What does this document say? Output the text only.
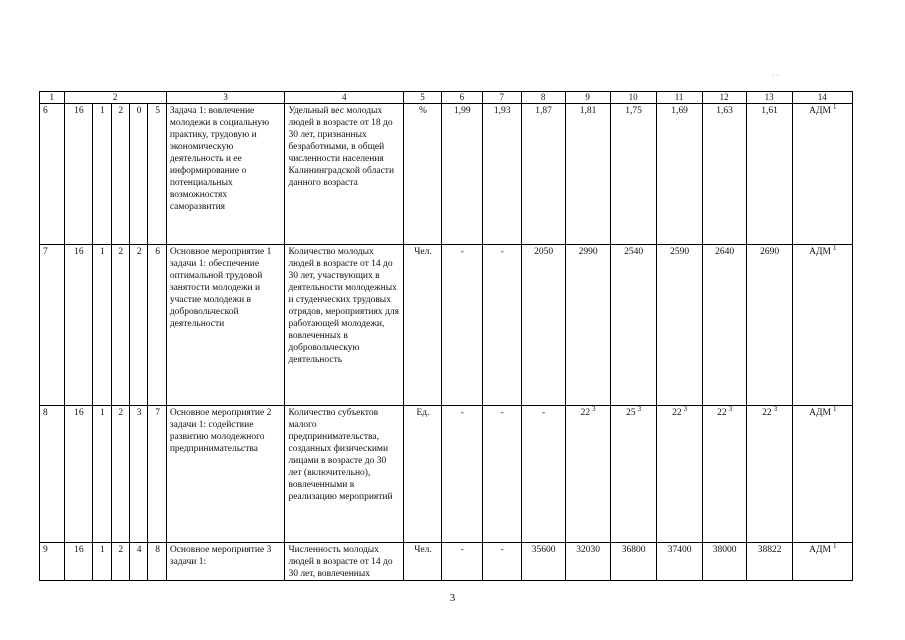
· ·
1	2					3	4	5	6	7	8	9	10	11	12	13	14
6	16	1	2	0	5	Задача 1: вовлечение молодежи в социальную практику, трудовую и экономическую деятельность и ее информирование о потенциальных возможностях саморазвития	Удельный вес молодых людей в возрасте от 18 до 30 лет, признанных безработными, в общей численности населения Калининградской области данного возраста	%	1,99	1,93	1,87	1,81	1,75	1,69	1,63	1,61	АДМ $^1$
7	16	1	2	2	6	Основное мероприятие 1 задачи 1: обеспечение оптимальной трудовой занятости молодежи и участие молодежи в добровольческой деятельности	Количество молодых людей в возрасте от 14 до 30 лет, участвующих в деятельности молодежных и студенческих трудовых отрядов, мероприятиях для работающей молодежи, вовлеченных в добровольческую деятельность	Чел.	-	-	2050	2990	2540	2590	2640	2690	АДМ $^1$
8	16	1	2	3	7	Основное мероприятие 2 задачи 1: содействие развитию молодежного предпринимательства	Количество субъектов малого предпринимательства, созданных физическими лицами в возрасте до 30 лет (включительно), вовлеченными в реализацию мероприятий	Ед.	-	-	-	22 $^3$	25 $^3$	22 $^3$	22 $^3$	22 $^3$	АДМ $^1$
9	16	1	2	4	8	Основное мероприятие 3 задачи 1:	Численность молодых людей в возрасте от 14 до 30 лет, вовлеченных	Чел.	-	-	35600	32030	36800	37400	38000	38822	АДМ $^1$
3
